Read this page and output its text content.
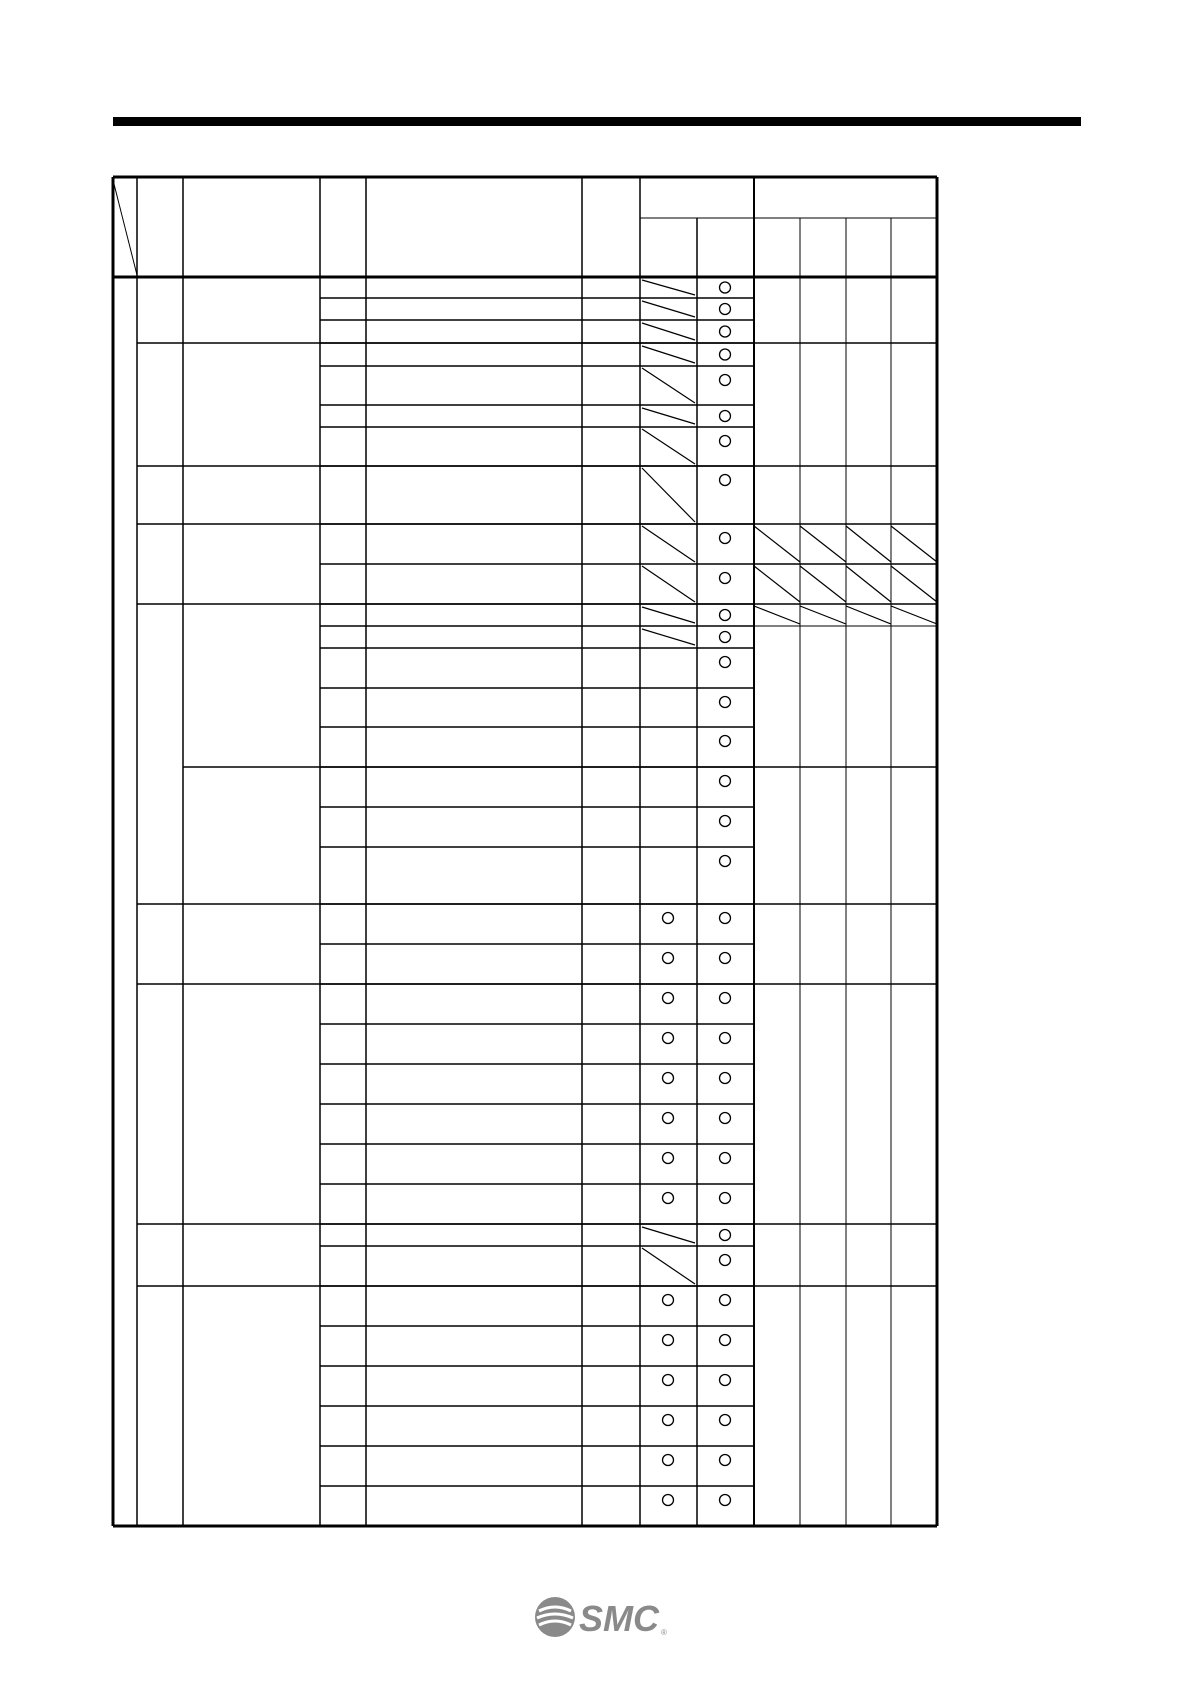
SMC ®
